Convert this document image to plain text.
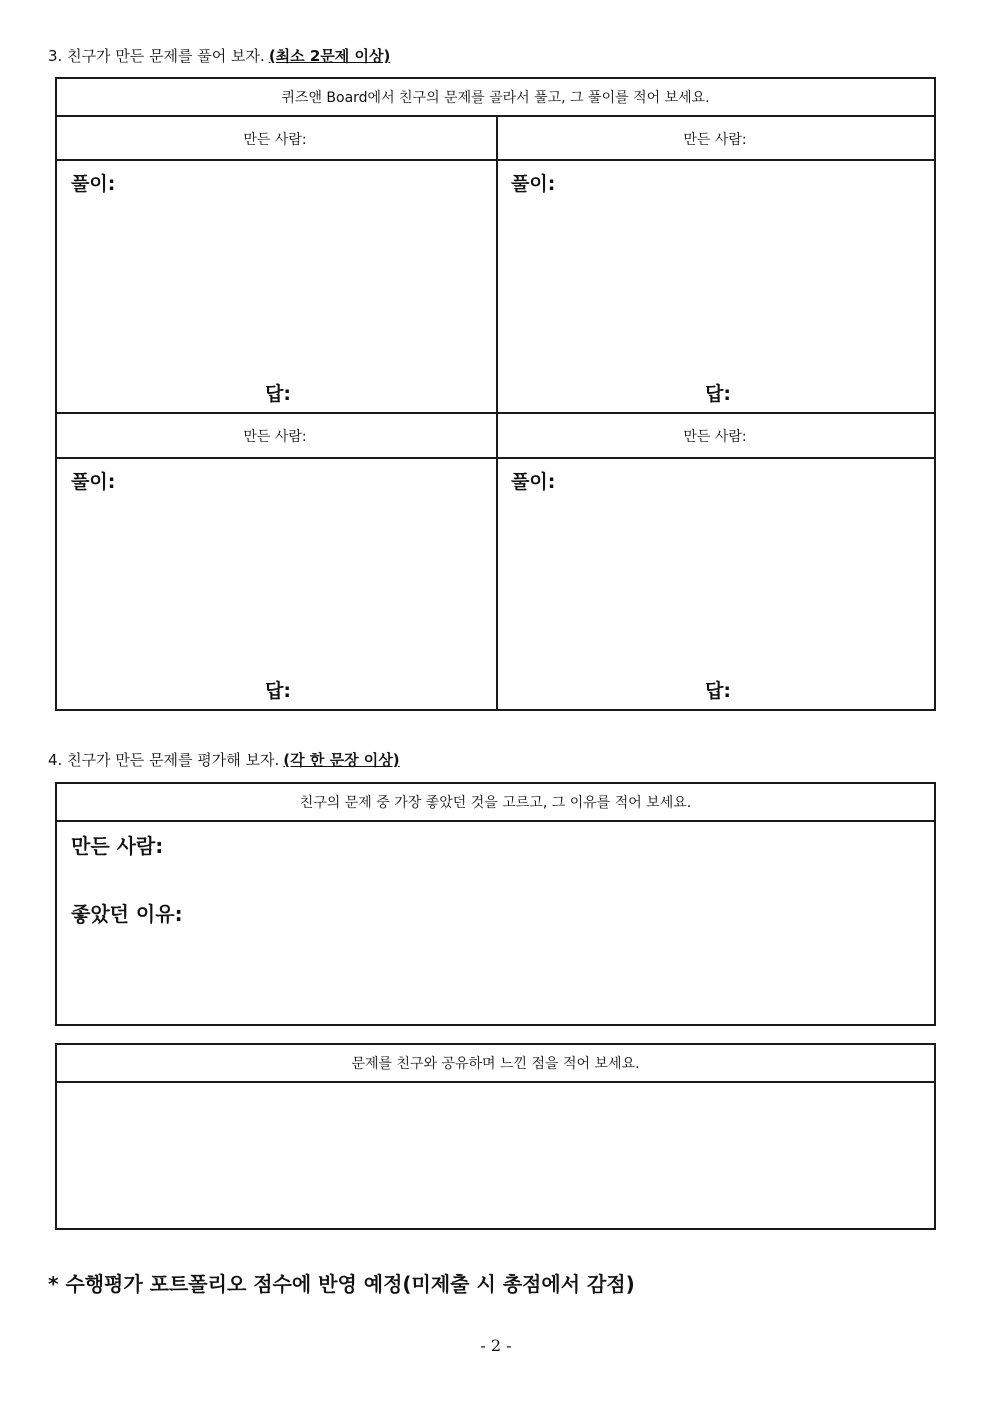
3. 친구가 만든 문제를 풀어 보자. (최소 2문제 이상)
퀴즈앤 Board에서 친구의 문제를 골라서 풀고, 그 풀이를 적어 보세요.
만든 사람:
풀이:
답:
만든 사람:
풀이:
답:
만든 사람:
풀이:
답:
만든 사람:
풀이:
답:
4. 친구가 만든 문제를 평가해 보자. (각 한 문장 이상)
친구의 문제 중 가장 좋았던 것을 고르고, 그 이유를 적어 보세요.
만든 사람:
좋았던 이유:
문제를 친구와 공유하며 느낀 점을 적어 보세요.
* 수행평가 포트폴리오 점수에 반영 예정(미제출 시 총점에서 감점)
- 2 -
